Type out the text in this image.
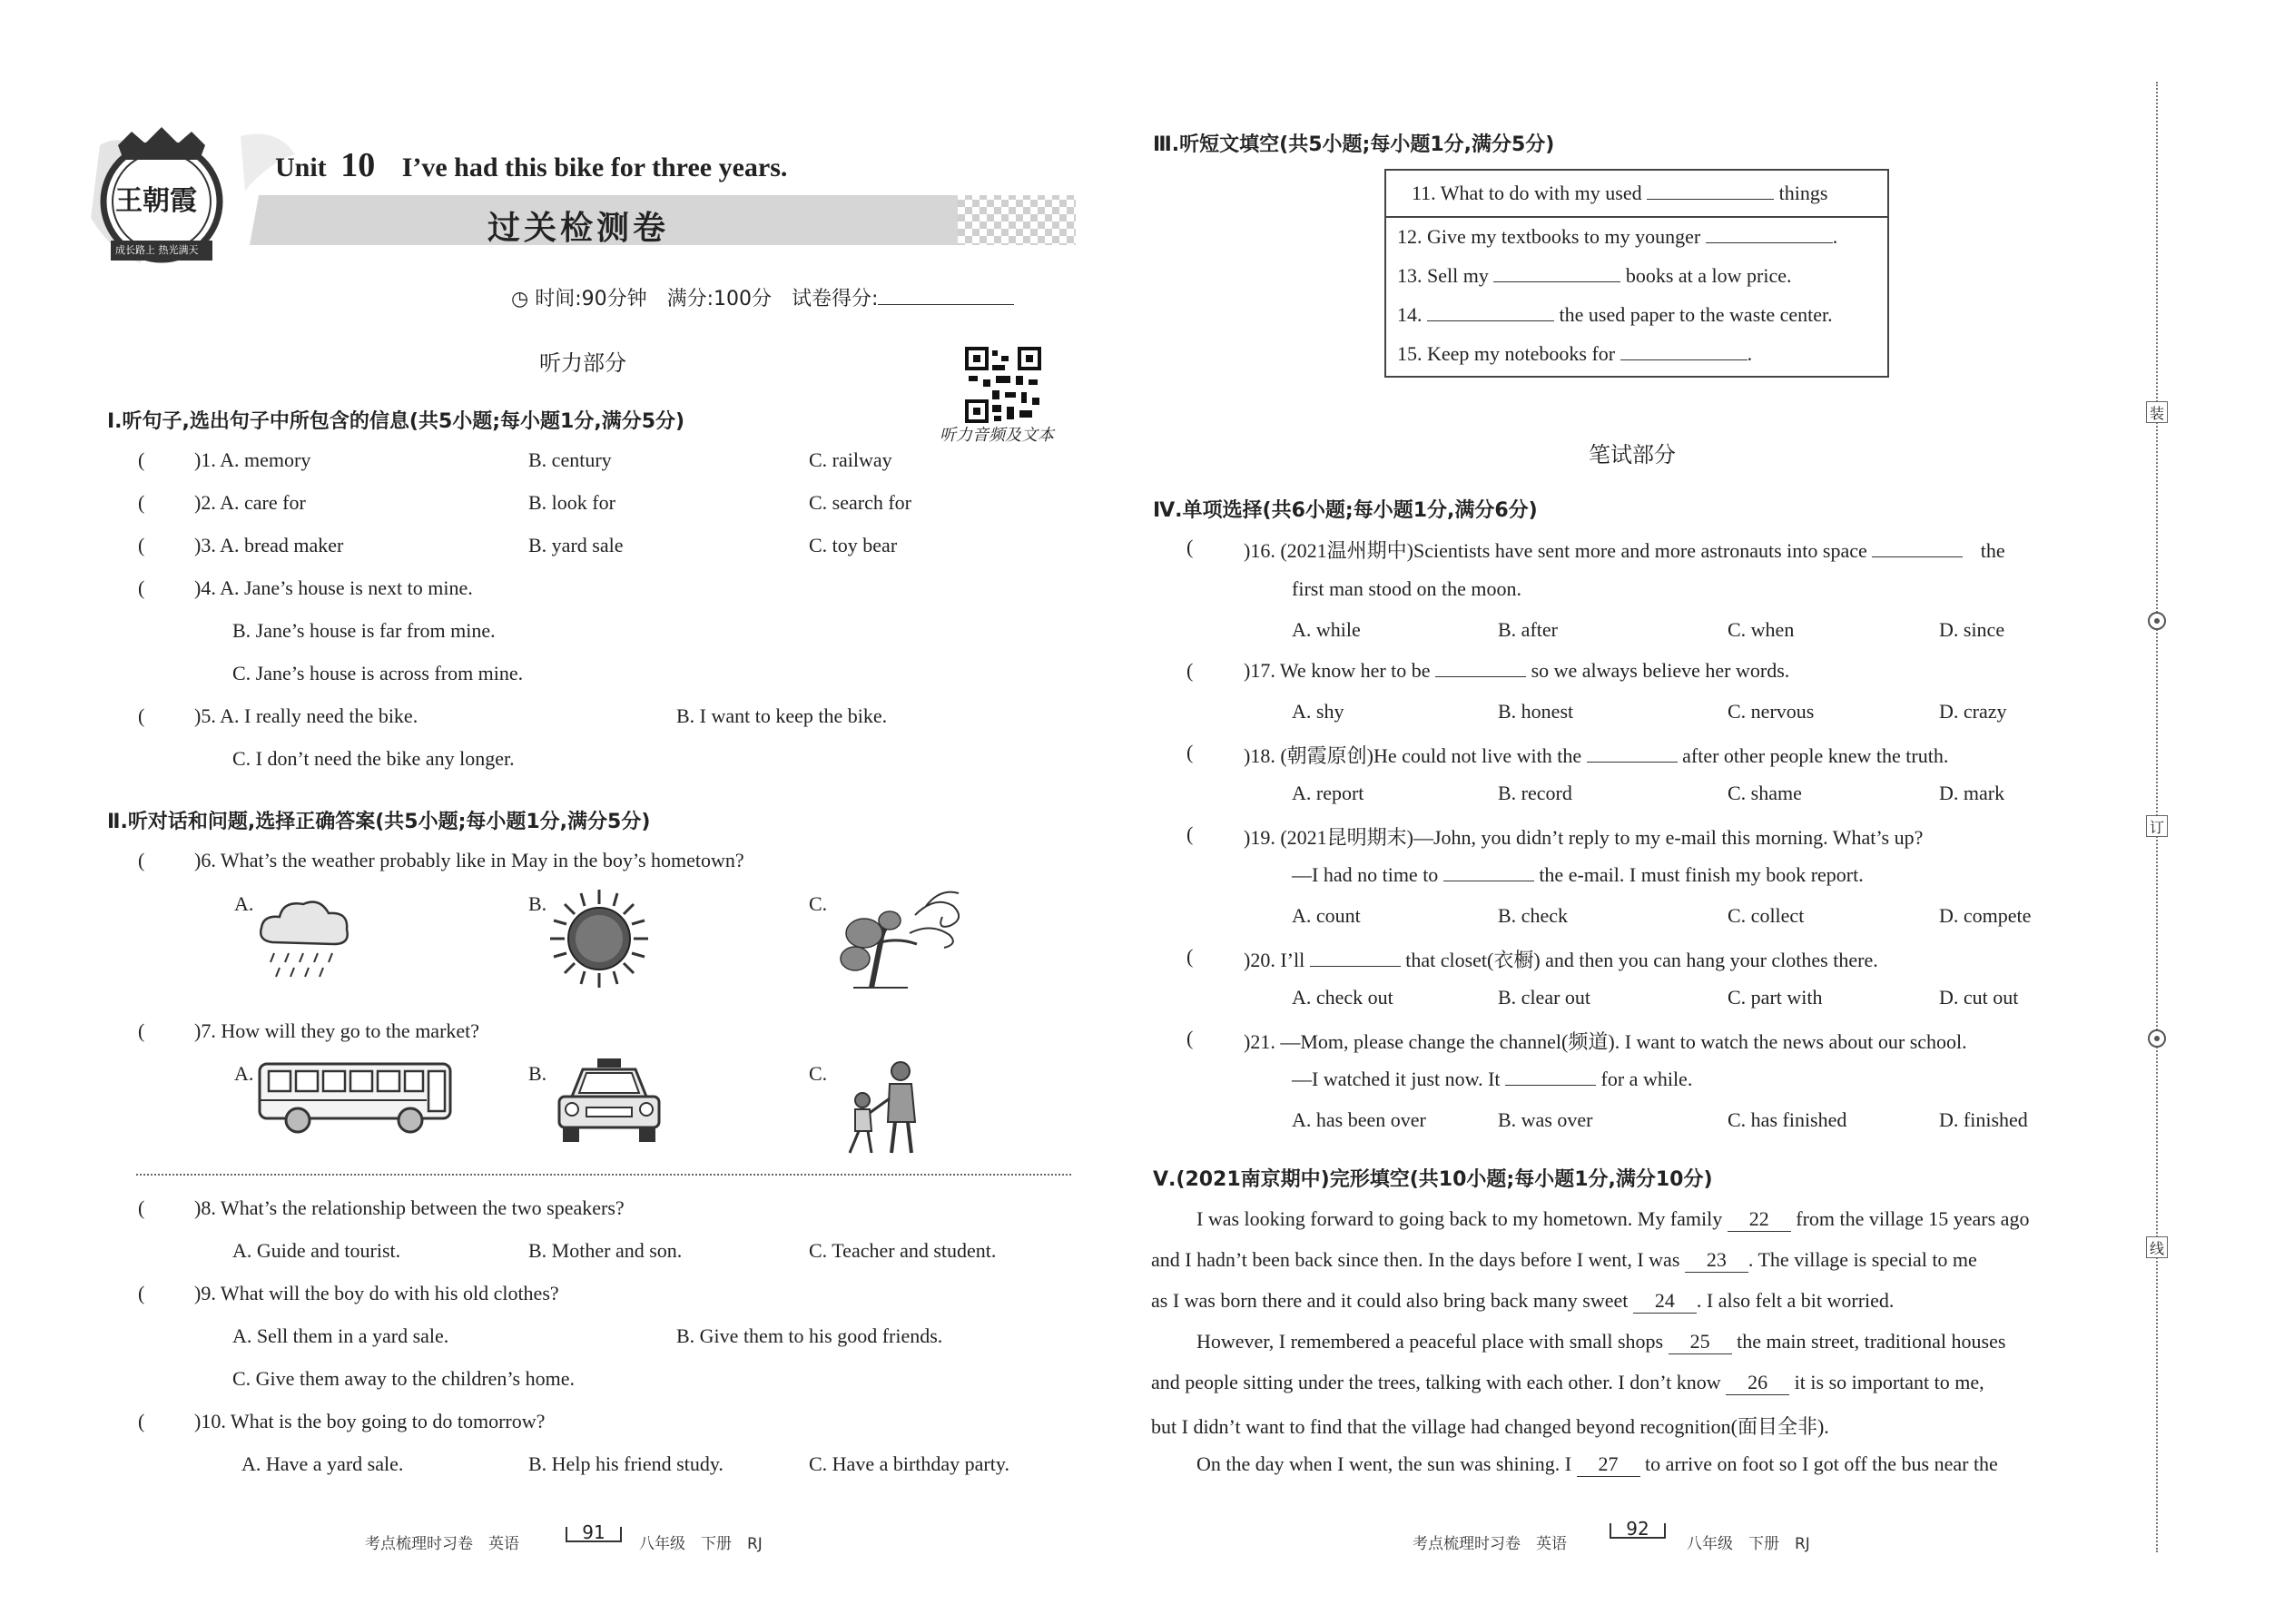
王朝霞
成长路上 热光满天
Unit 10 I’ve had this bike for three years.
过关检测卷
◷ 时间:90分钟　满分:100分　试卷得分:
听力部分
听力音频及文本
Ⅰ.听句子,选出句子中所包含的信息(共5小题;每小题1分,满分5分)
( )1. A. memory	B. century	C. railway
( )2. A. care for	B. look for	C. search for
( )3. A. bread maker	B. yard sale	C. toy bear
( )4. A. Jane’s house is next to mine.
B. Jane’s house is far from mine.
C. Jane’s house is across from mine.
( )5. A. I really need the bike.	B. I want to keep the bike.
C. I don’t need the bike any longer.
Ⅱ.听对话和问题,选择正确答案(共5小题;每小题1分,满分5分)
( )6. What’s the weather probably like in May in the boy’s hometown?
A.	B.	C.
( )7. How will they go to the market?
A.	B.	C.
( )8. What’s the relationship between the two speakers?
A. Guide and tourist.	B. Mother and son.	C. Teacher and student.
( )9. What will the boy do with his old clothes?
A. Sell them in a yard sale.	B. Give them to his good friends.
C. Give them away to the children’s home.
( )10. What is the boy going to do tomorrow?
A. Have a yard sale.	B. Help his friend study.	C. Have a birthday party.
考点梳理时习卷　英语
91
八年级　下册　RJ
Ⅲ.听短文填空(共5小题;每小题1分,满分5分)
11. What to do with my used	things
12. Give my textbooks to my younger	.
13. Sell my	books at a low price.
14.	the used paper to the waste center.
15. Keep my notebooks for	.
笔试部分
Ⅳ.单项选择(共6小题;每小题1分,满分6分)
(	)16. (2021温州期中)Scientists have sent more and more astronauts into space	the
first man stood on the moon.
A. while	B. after	C. when	D. since
(	)17. We know her to be	so we always believe her words.
A. shy	B. honest	C. nervous	D. crazy
(	)18. (朝霞原创)He could not live with the	after other people knew the truth.
A. report	B. record	C. shame	D. mark
(	)19. (2021昆明期末)—John, you didn’t reply to my e-mail this morning. What’s up?
—I had no time to	the e-mail. I must finish my book report.
A. count	B. check	C. collect	D. compete
(	)20. I’ll	that closet(衣橱) and then you can hang your clothes there.
A. check out	B. clear out	C. part with	D. cut out
(	)21. —Mom, please change the channel(频道). I want to watch the news about our school.
—I watched it just now. It	for a while.
A. has been over	B. was over	C. has finished	D. finished
Ⅴ.(2021南京期中)完形填空(共10小题;每小题1分,满分10分)
I was looking forward to going back to my hometown. My family 22 from the village 15 years ago
and I hadn’t been back since then. In the days before I went, I was 23 . The village is special to me
as I was born there and it could also bring back many sweet 24 . I also felt a bit worried.
However, I remembered a peaceful place with small shops 25 the main street, traditional houses
and people sitting under the trees, talking with each other. I don’t know 26 it is so important to me,
but I didn’t want to find that the village had changed beyond recognition(面目全非).
On the day when I went, the sun was shining. I 27 to arrive on foot so I got off the bus near the
考点梳理时习卷　英语
92
八年级　下册　RJ
装
订
线
